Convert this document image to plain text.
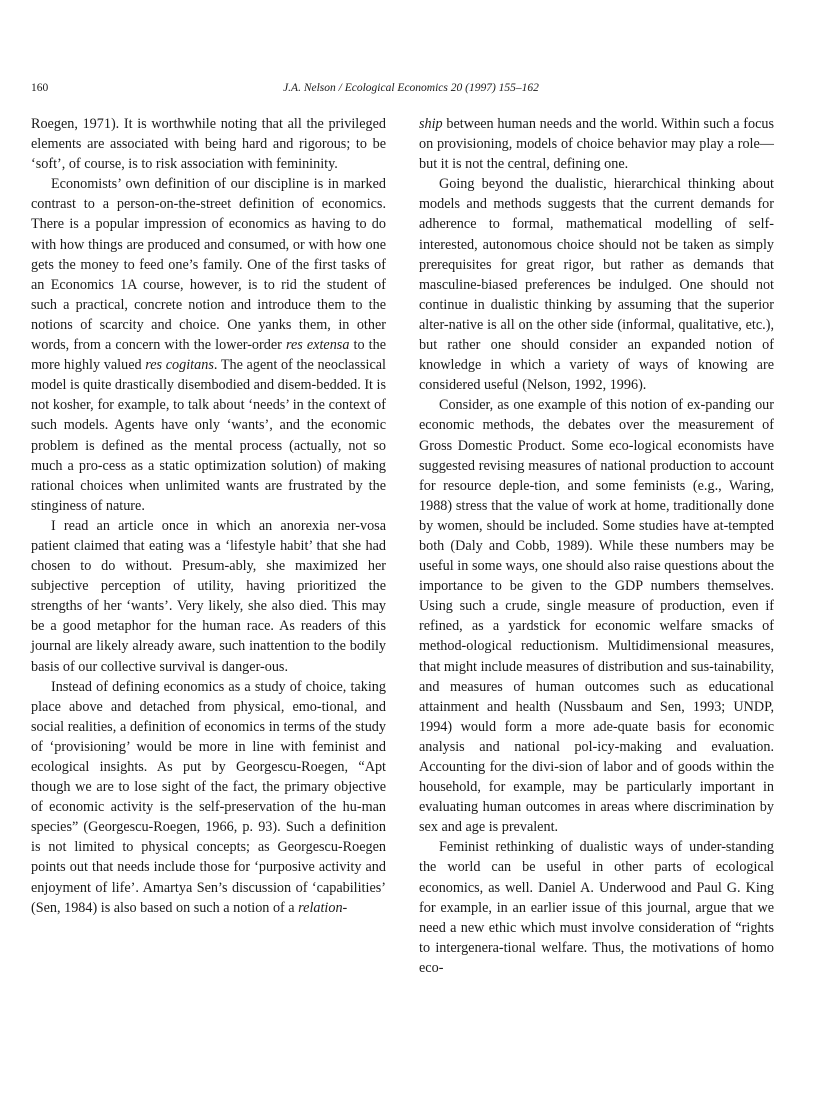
160	J.A. Nelson / Ecological Economics 20 (1997) 155–162

Roegen, 1971). It is worthwhile noting that all the privileged elements are associated with being hard and rigorous; to be ‘soft’, of course, is to risk association with femininity.

Economists’ own definition of our discipline is in marked contrast to a person-on-the-street definition of economics. There is a popular impression of economics as having to do with how things are produced and consumed, or with how one gets the money to feed one’s family. One of the first tasks of an Economics 1A course, however, is to rid the student of such a practical, concrete notion and introduce them to the notions of scarcity and choice. One yanks them, in other words, from a concern with the lower-order res extensa to the more highly valued res cogitans. The agent of the neoclassical model is quite drastically disembodied and disem-bedded. It is not kosher, for example, to talk about ‘needs’ in the context of such models. Agents have only ‘wants’, and the economic problem is defined as the mental process (actually, not so much a pro-cess as a static optimization solution) of making rational choices when unlimited wants are frustrated by the stinginess of nature.

I read an article once in which an anorexia ner-vosa patient claimed that eating was a ‘lifestyle habit’ that she had chosen to do without. Presum-ably, she maximized her subjective perception of utility, having prioritized the strengths of her ‘wants’. Very likely, she also died. This may be a good metaphor for the human race. As readers of this journal are likely already aware, such inattention to the bodily basis of our collective survival is danger-ous.

Instead of defining economics as a study of choice, taking place above and detached from physical, emo-tional, and social realities, a definition of economics in terms of the study of ‘provisioning’ would be more in line with feminist and ecological insights. As put by Georgescu-Roegen, “Apt though we are to lose sight of the fact, the primary objective of economic activity is the self-preservation of the hu-man species” (Georgescu-Roegen, 1966, p. 93). Such a definition is not limited to physical concepts; as Georgescu-Roegen points out that needs include those for ‘purposive activity and enjoyment of life’. Amartya Sen’s discussion of ‘capabilities’ (Sen, 1984) is also based on such a notion of a relation-

ship between human needs and the world. Within such a focus on provisioning, models of choice behavior may play a role—but it is not the central, defining one.

Going beyond the dualistic, hierarchical thinking about models and methods suggests that the current demands for adherence to formal, mathematical modelling of self-interested, autonomous choice should not be taken as simply prerequisites for great rigor, but rather as demands that masculine-biased preferences be indulged. One should not continue in dualistic thinking by assuming that the superior alter-native is all on the other side (informal, qualitative, etc.), but rather one should consider an expanded notion of knowledge in which a variety of ways of knowing are considered useful (Nelson, 1992, 1996).

Consider, as one example of this notion of ex-panding our economic methods, the debates over the measurement of Gross Domestic Product. Some eco-logical economists have suggested revising measures of national production to account for resource deple-tion, and some feminists (e.g., Waring, 1988) stress that the value of work at home, traditionally done by women, should be included. Some studies have at-tempted both (Daly and Cobb, 1989). While these numbers may be useful in some ways, one should also raise questions about the importance to be given to the GDP numbers themselves. Using such a crude, single measure of production, even if refined, as a yardstick for economic welfare smacks of method-ological reductionism. Multidimensional measures, that might include measures of distribution and sus-tainability, and measures of human outcomes such as educational attainment and health (Nussbaum and Sen, 1993; UNDP, 1994) would form a more ade-quate basis for economic analysis and national pol-icy-making and evaluation. Accounting for the divi-sion of labor and of goods within the household, for example, may be particularly important in evaluating human outcomes in areas where discrimination by sex and age is prevalent.

Feminist rethinking of dualistic ways of under-standing the world can be useful in other parts of ecological economics, as well. Daniel A. Underwood and Paul G. King for example, in an earlier issue of this journal, argue that we need a new ethic which must involve consideration of “rights to intergenera-tional welfare. Thus, the motivations of homo eco-
